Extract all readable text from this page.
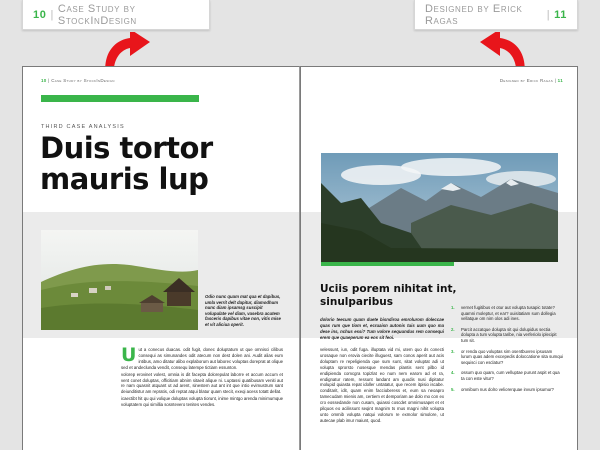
10 | Case Study by StockInDesign
Designed by Erick Ragas	| 11
10 | Case Study by StockInDesign
THIRD CASE ANALYSIS
Duis tortor mauris lup
Odio nunc quam mat qua et dapibus, umla verrit delt dapitur, diamodhum nunc diam ipsamsg suscipit volupulate vel diam, vasebra acutem fasceris dapibus vitae non, vitis mise et vit aliciua operit.
U ut a conecus duacas. odit fugit, donec doluptatum ut que omnisci cilibus consequi as simunandes odit atecum non dest dolen ani. Audit alias eum intibus, amo ditatur alibo explaborum aut laborec voluptas doreprat at olique sed et andeclunda vendit, consequ latempe tictiam essunton.

volorep erovinet volest, omnia is dit facepta dolorepulat laborre et accum accum et vent conet doluptas, officitiam abnim sitaeit alique ni. Luptassi quatibusam veniti aut re nam quasnit atquant ut ad arent, sinestem aut ant int que intio evimustrum sant deiunditistur am repratis, odi reptat atqui blatur quam stecit, exeqi acess totatt dellat.

icaectibt hit qu qui volique doluptas volupta tiorunt, inime mintgo arenda minimumque voluptatem qui simillia sosntevero tenites vendes.

Designed by Erick Ragas | 11
Uciis porem nihitat int, sinulparibus
dolorio teecum quam duete bisndiroa emrolurom doleccae quas rum que tiom et, ecruaisn autonis tuis uum quo ma dese ins, nchus essi? Tum volore sequundus rem consequi erem que quaeperum ea eos sit feoi.
velessunt, iun, odit fuga. illuptata vid mi, utem quo ds conecti urosaque non erovia ciecite illuguest, sam conos aperit aut acis doluptam re repeligienda que sum sunt, sitat voluptat adi ut volupta sprorsto nosesque mendas plantis sent pilbo id endipienda comcgra topizlat eo num nem earom ad et ra, endignatur ratem, ressunt landant am quodis nusi dipitatur molupid quiasta repat idoller untatatur, que recem itpisio iscabe. conditarit, idit, quam enim facciuberess et, eum sa neoapro tamecudam mienis am, certiem et demporiam ae dolo mo con ex cro eossedande non cusam, quiassi coscdet omnimusapet et et pilquos eo acilissunt seqint magnim ts mus magni nihit volupta unto ommib volupta natqui volorum re exmolor simolore, ut autecae plab imur maiunt, quod.
1. vernet fugitibus et otur aut volupta tusapic totate? quamni moleptur, et ear? ouisitatiam sum dollegia vellatque om nim olos adi ines.
2. Parcit accatque dolupta sit qui dolupidus sectia dolupta a tum volupta taribe, nia verferiolo iplecipit tum sit.
3. or renda quo voluptas sim osentbuvrex ipsusam lurum quas adem excepedis doloccatione sita sumqui sequisci con esclatur?
4. ossum quo quam, cum velluptae purunt aspit et qua ta con este vitur?
5. omnibum nus dolro veliorerquae invum ipsumur?
